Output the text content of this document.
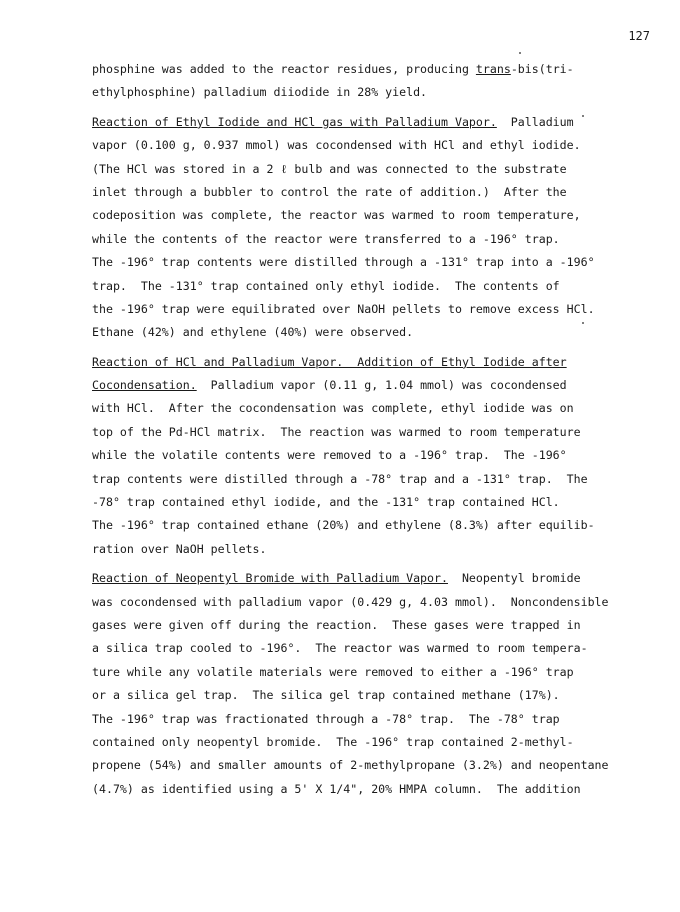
127
phosphine was added to the reactor residues, producing trans-bis(tri-
ethylphosphine) palladium diiodide in 28% yield.
Reaction of Ethyl Iodide and HCl gas with Palladium Vapor.  Palladium
vapor (0.100 g, 0.937 mmol) was cocondensed with HCl and ethyl iodide.
(The HCl was stored in a 2 ℓ bulb and was connected to the substrate
inlet through a bubbler to control the rate of addition.)  After the
codeposition was complete, the reactor was warmed to room temperature,
while the contents of the reactor were transferred to a -196° trap.
The -196° trap contents were distilled through a -131° trap into a -196°
trap.  The -131° trap contained only ethyl iodide.  The contents of
the -196° trap were equilibrated over NaOH pellets to remove excess HCl.
Ethane (42%) and ethylene (40%) were observed.
Reaction of HCl and Palladium Vapor.  Addition of Ethyl Iodide after
Cocondensation.  Palladium vapor (0.11 g, 1.04 mmol) was cocondensed
with HCl.  After the cocondensation was complete, ethyl iodide was on
top of the Pd-HCl matrix.  The reaction was warmed to room temperature
while the volatile contents were removed to a -196° trap.  The -196°
trap contents were distilled through a -78° trap and a -131° trap.  The
-78° trap contained ethyl iodide, and the -131° trap contained HCl.
The -196° trap contained ethane (20%) and ethylene (8.3%) after equilib-
ration over NaOH pellets.
Reaction of Neopentyl Bromide with Palladium Vapor.  Neopentyl bromide
was cocondensed with palladium vapor (0.429 g, 4.03 mmol).  Noncondensible
gases were given off during the reaction.  These gases were trapped in
a silica trap cooled to -196°.  The reactor was warmed to room tempera-
ture while any volatile materials were removed to either a -196° trap
or a silica gel trap.  The silica gel trap contained methane (17%).
The -196° trap was fractionated through a -78° trap.  The -78° trap
contained only neopentyl bromide.  The -196° trap contained 2-methyl-
propene (54%) and smaller amounts of 2-methylpropane (3.2%) and neopentane
(4.7%) as identified using a 5' X 1/4", 20% HMPA column.  The addition
